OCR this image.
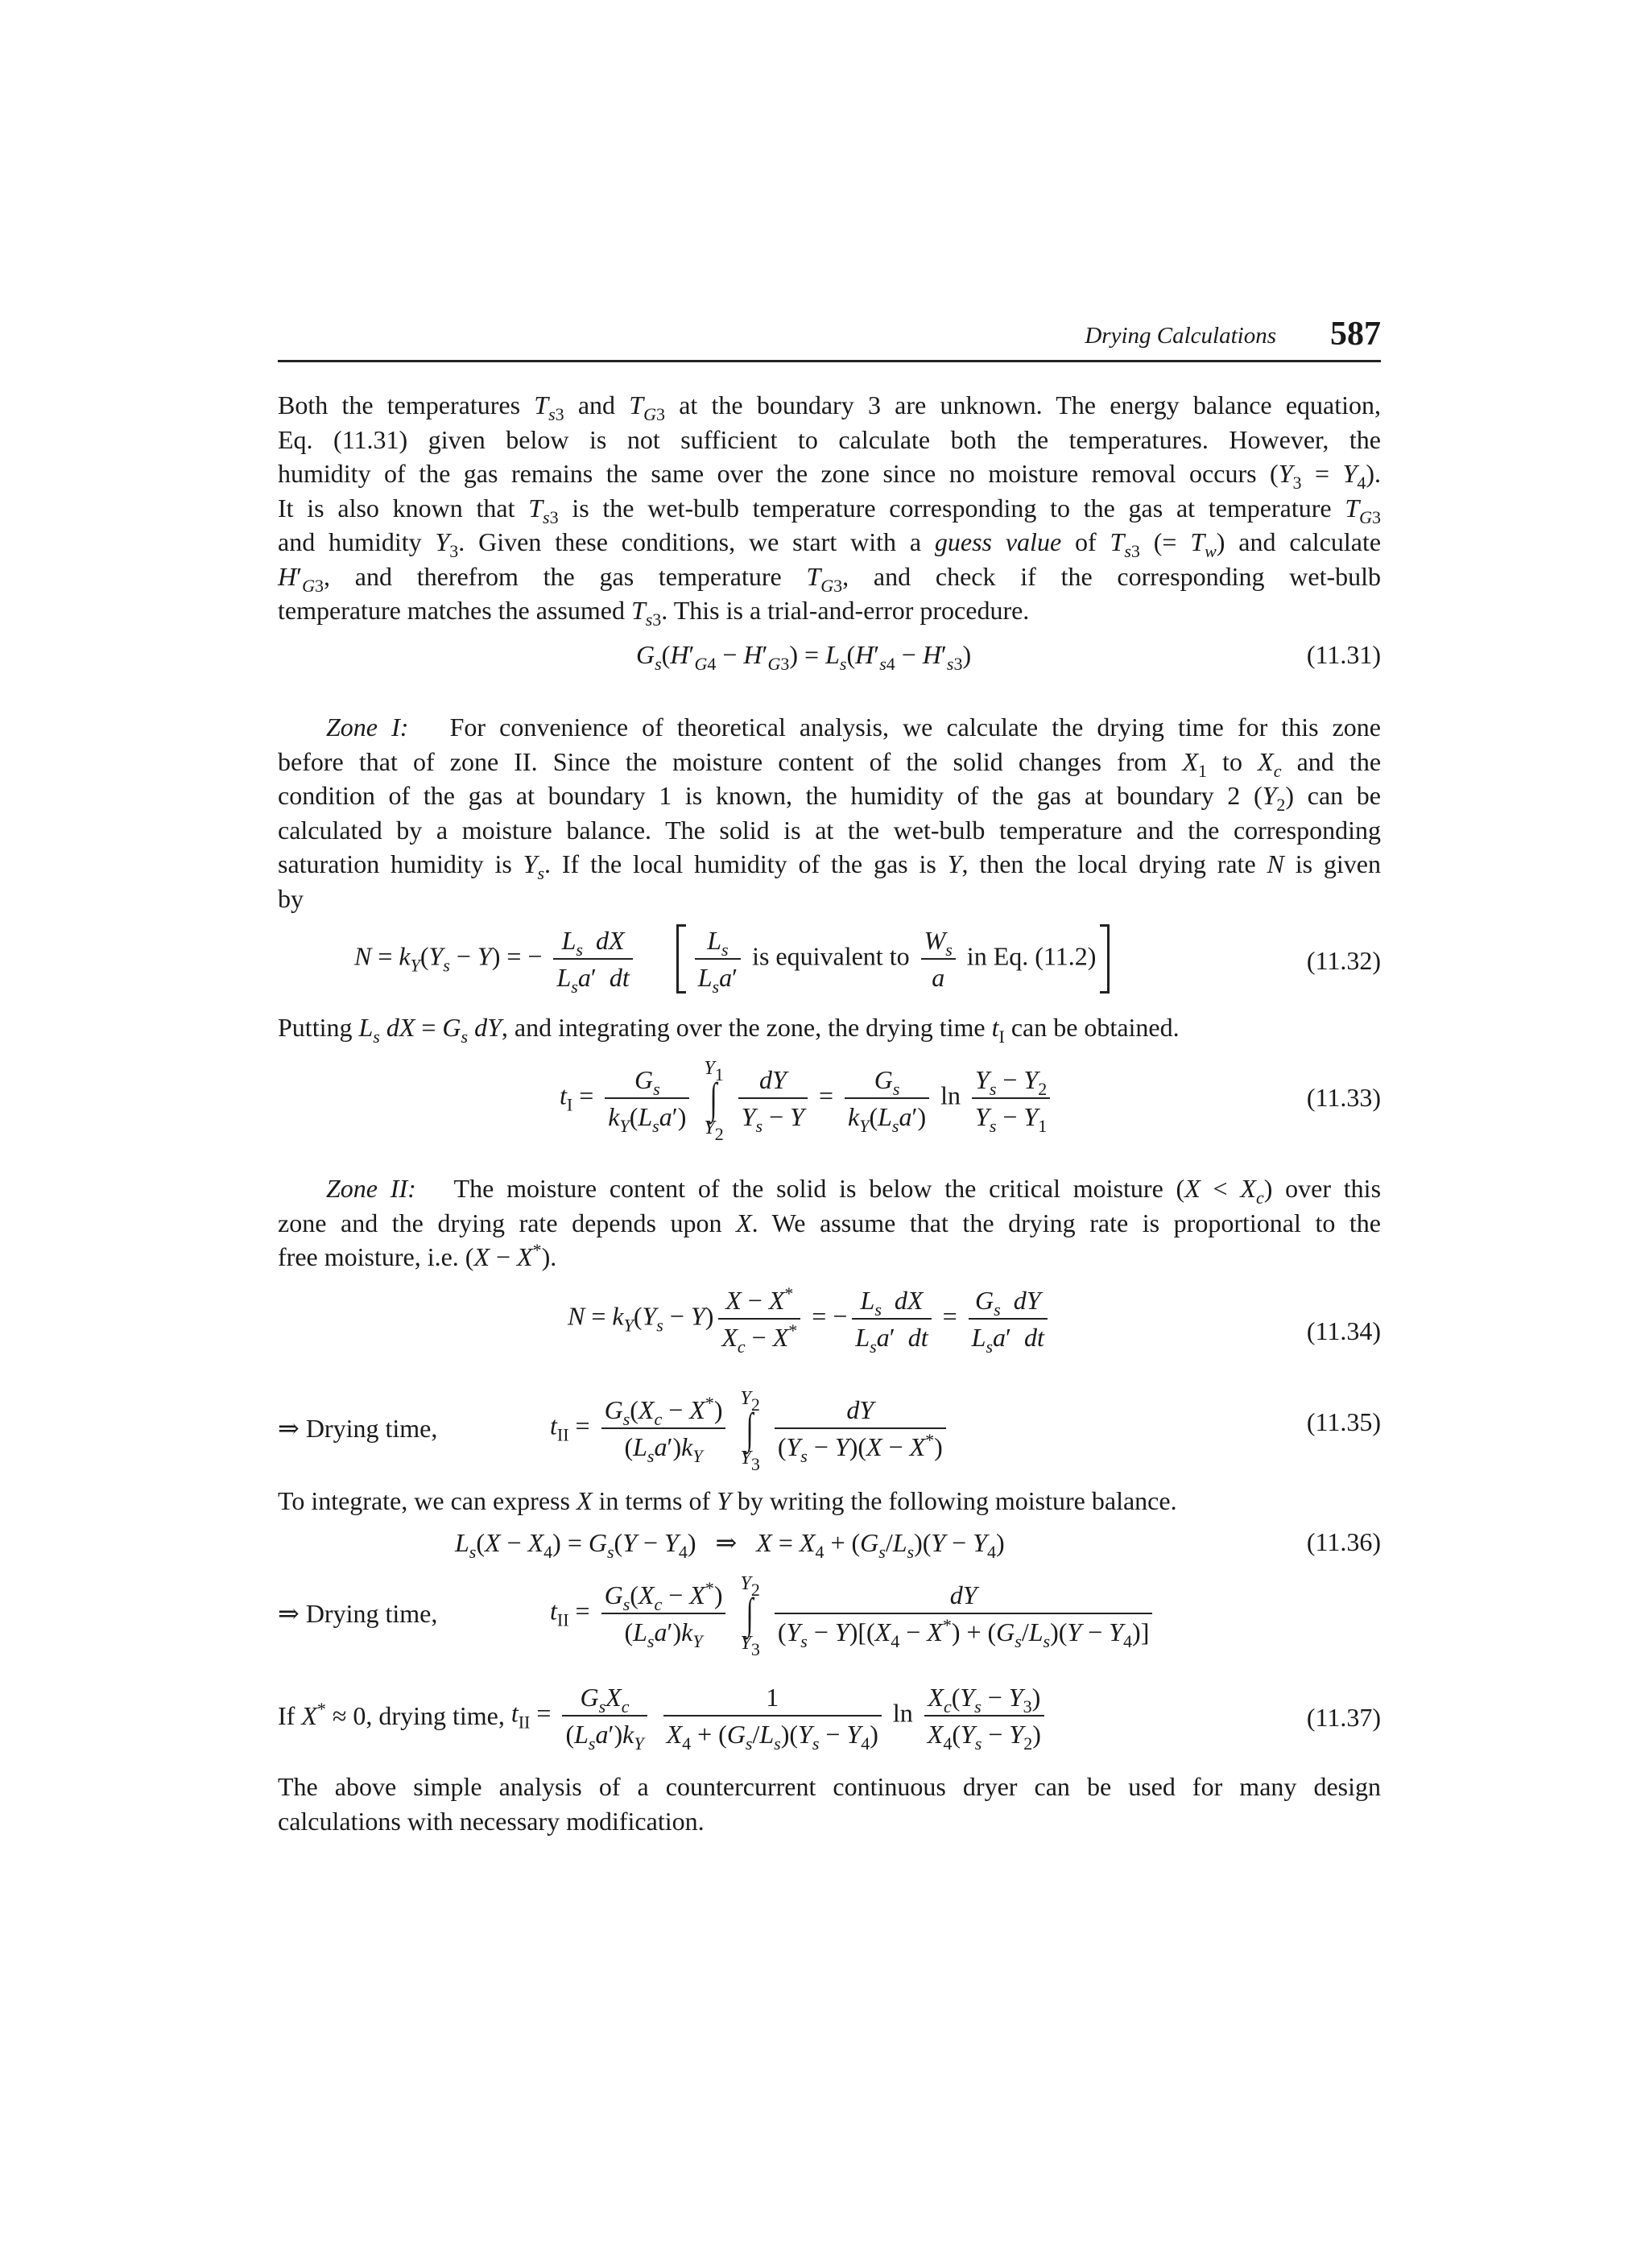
Drying Calculations 587
Both the temperatures $T_{s3}$ and $T_{G3}$ at the boundary 3 are unknown. The energy balance equation,
Eq. (11.31) given below is not sufficient to calculate both the temperatures. However, the
humidity of the gas remains the same over the zone since no moisture removal occurs $(Y_3 = Y_4)$.
It is also known that $T_{s3}$ is the wet-bulb temperature corresponding to the gas at temperature $T_{G3}$
and humidity $Y_3$. Given these conditions, we start with a guess value of $T_{s3}$ (= $T_w$) and calculate
$H'_{G3}$, and therefrom the gas temperature $T_{G3}$, and check if the corresponding wet-bulb
temperature matches the assumed $T_{s3}$. This is a trial-and-error procedure.
$G_s(H'_{G4} - H'_{G3}) = L_s(H'_{s4} - H'_{s3})$	(11.31)
Zone I:   For convenience of theoretical analysis, we calculate the drying time for this zone
before that of zone II. Since the moisture content of the solid changes from $X_1$ to $X_c$ and the
condition of the gas at boundary 1 is known, the humidity of the gas at boundary 2 $(Y_2)$ can be
calculated by a moisture balance. The solid is at the wet-bulb temperature and the corresponding
saturation humidity is $Y_s$. If the local humidity of the gas is Y, then the local drying rate N is given
by
$N = k_Y(Y_s - Y)$ = − $\frac{L_s dX}{L_sa' dt}$
$\frac{L_s}{L_sa'}$ is equivalent to $\frac{W_s}{a}$ in Eq. (11.2)	(11.32)
Putting $L_s$ dX = $G_s$ dY, and integrating over the zone, the drying time $t_I$ can be obtained.
$t_I = \frac{G_s}{k_Y(L_sa')} Y_1$
∫
$Y_2$
$\frac{dY}{Y_s - Y} = \frac{G_s}{k_Y(L_sa')}$ $\ln \frac{Y_s - Y_2}{Y_s - Y_1}$	(11.33)
Zone II:   The moisture content of the solid is below the critical moisture $(X < X_c)$ over this
zone and the drying rate depends upon X. We assume that the drying rate is proportional to the
free moisture, i.e. (X − X*).
$N = k_Y(Y_s - Y) \frac{X - X^*}{X_c - X^*}$ = − $\frac{L_s dX}{L_sa' dt} = \frac{G_s dY}{L_sa' dt}$	(11.34)
⇒ Drying time,	$t_{II} = \frac{G_s(X_c - X^*)}{(L_sa')k_Y} Y_2$
∫
$Y_3$
$\frac{dY}{(Y_s - Y)(X - X^*)}$	(11.35)
To integrate, we can express X in terms of Y by writing the following moisture balance.
$L_s(X - X_4) = G_s(Y - Y_4)$   ⇒   $X = X_4 + (G_s/L_s)(Y - Y_4)$	(11.36)
⇒ Drying time,	$t_{II} = \frac{G_s(X_c - X^*)}{(L_sa')k_Y} Y_2$
∫
$Y_3$
$\frac{dY}{(Y_s - Y)[(X_4 - X^*) + (G_s/L_s)(Y - Y_4)]}$
If X* ≈ 0, drying time, $t_{II} = \frac{G_sX_c}{(L_sa')k_Y}$
$\frac{1}{X_4 + (G_s/L_s)(Y_s - Y_4)}$ $\ln \frac{X_c(Y_s - Y_3)}{X_4(Y_s - Y_2)}$	(11.37)
The above simple analysis of a countercurrent continuous dryer can be used for many design
calculations with necessary modification.
